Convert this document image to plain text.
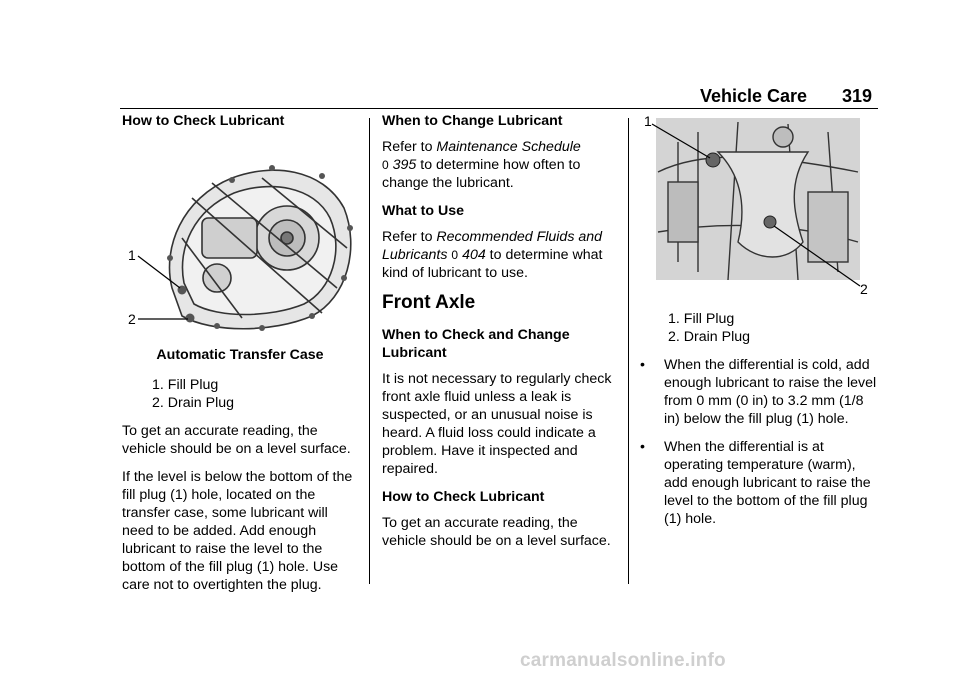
Vehicle Care 319

How to Check Lubricant

1
2
Automatic Transfer Case
1. Fill Plug
2. Drain Plug

To get an accurate reading, the vehicle should be on a level surface.

If the level is below the bottom of the fill plug (1) hole, located on the transfer case, some lubricant will need to be added. Add enough lubricant to raise the level to the bottom of the fill plug (1) hole. Use care not to overtighten the plug.

When to Change Lubricant

Refer to Maintenance Schedule
0 395 to determine how often to change the lubricant.

What to Use

Refer to Recommended Fluids and Lubricants 0 404 to determine what kind of lubricant to use.

Front Axle

When to Check and Change Lubricant

It is not necessary to regularly check front axle fluid unless a leak is suspected, or an unusual noise is heard. A fluid loss could indicate a problem. Have it inspected and repaired.

How to Check Lubricant

To get an accurate reading, the vehicle should be on a level surface.

1
2
1. Fill Plug
2. Drain Plug
• When the differential is cold, add enough lubricant to raise the level from 0 mm (0 in) to 3.2 mm (1/8 in) below the fill plug (1) hole.
• When the differential is at operating temperature (warm), add enough lubricant to raise the level to the bottom of the fill plug (1) hole.
carmanualsonline.info
